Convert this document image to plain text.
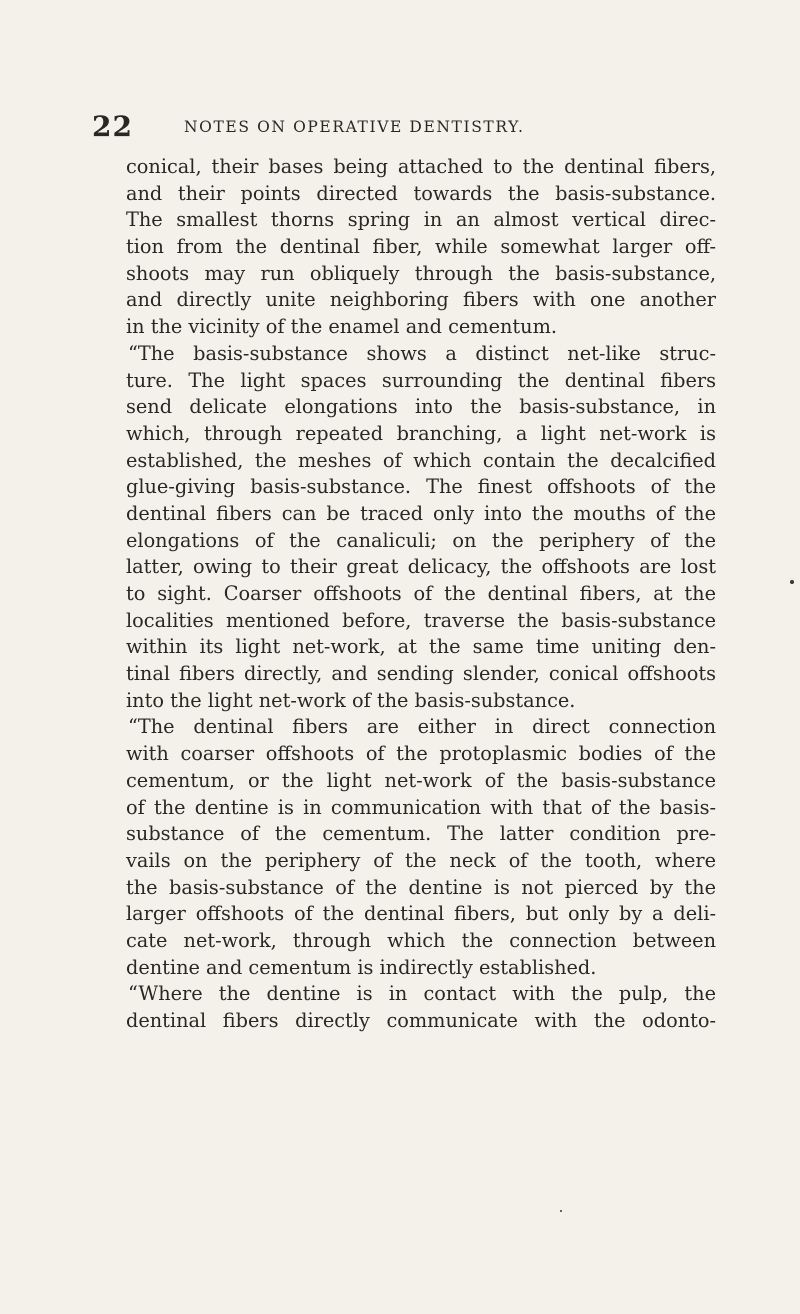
22	NOTES ON OPERATIVE DENTISTRY.
conical, their bases being attached to the dentinal fibers,
and their points directed towards the basis-substance.
The smallest thorns spring in an almost vertical direc-
tion from the dentinal fiber, while somewhat larger off-
shoots may run obliquely through the basis-substance,
and directly unite neighboring fibers with one another
in the vicinity of the enamel and cementum.
“The basis-substance shows a distinct net-like struc-
ture. The light spaces surrounding the dentinal fibers
send delicate elongations into the basis-substance, in
which, through repeated branching, a light net-work is
established, the meshes of which contain the decalcified
glue-giving basis-substance. The finest offshoots of the
dentinal fibers can be traced only into the mouths of the
elongations of the canaliculi; on the periphery of the
latter, owing to their great delicacy, the offshoots are lost
to sight. Coarser offshoots of the dentinal fibers, at the
localities mentioned before, traverse the basis-substance
within its light net-work, at the same time uniting den-
tinal fibers directly, and sending slender, conical offshoots
into the light net-work of the basis-substance.
“The dentinal fibers are either in direct connection
with coarser offshoots of the protoplasmic bodies of the
cementum, or the light net-work of the basis-substance
of the dentine is in communication with that of the basis-
substance of the cementum. The latter condition pre-
vails on the periphery of the neck of the tooth, where
the basis-substance of the dentine is not pierced by the
larger offshoots of the dentinal fibers, but only by a deli-
cate net-work, through which the connection between
dentine and cementum is indirectly established.
“Where the dentine is in contact with the pulp, the
dentinal fibers directly communicate with the odonto-
